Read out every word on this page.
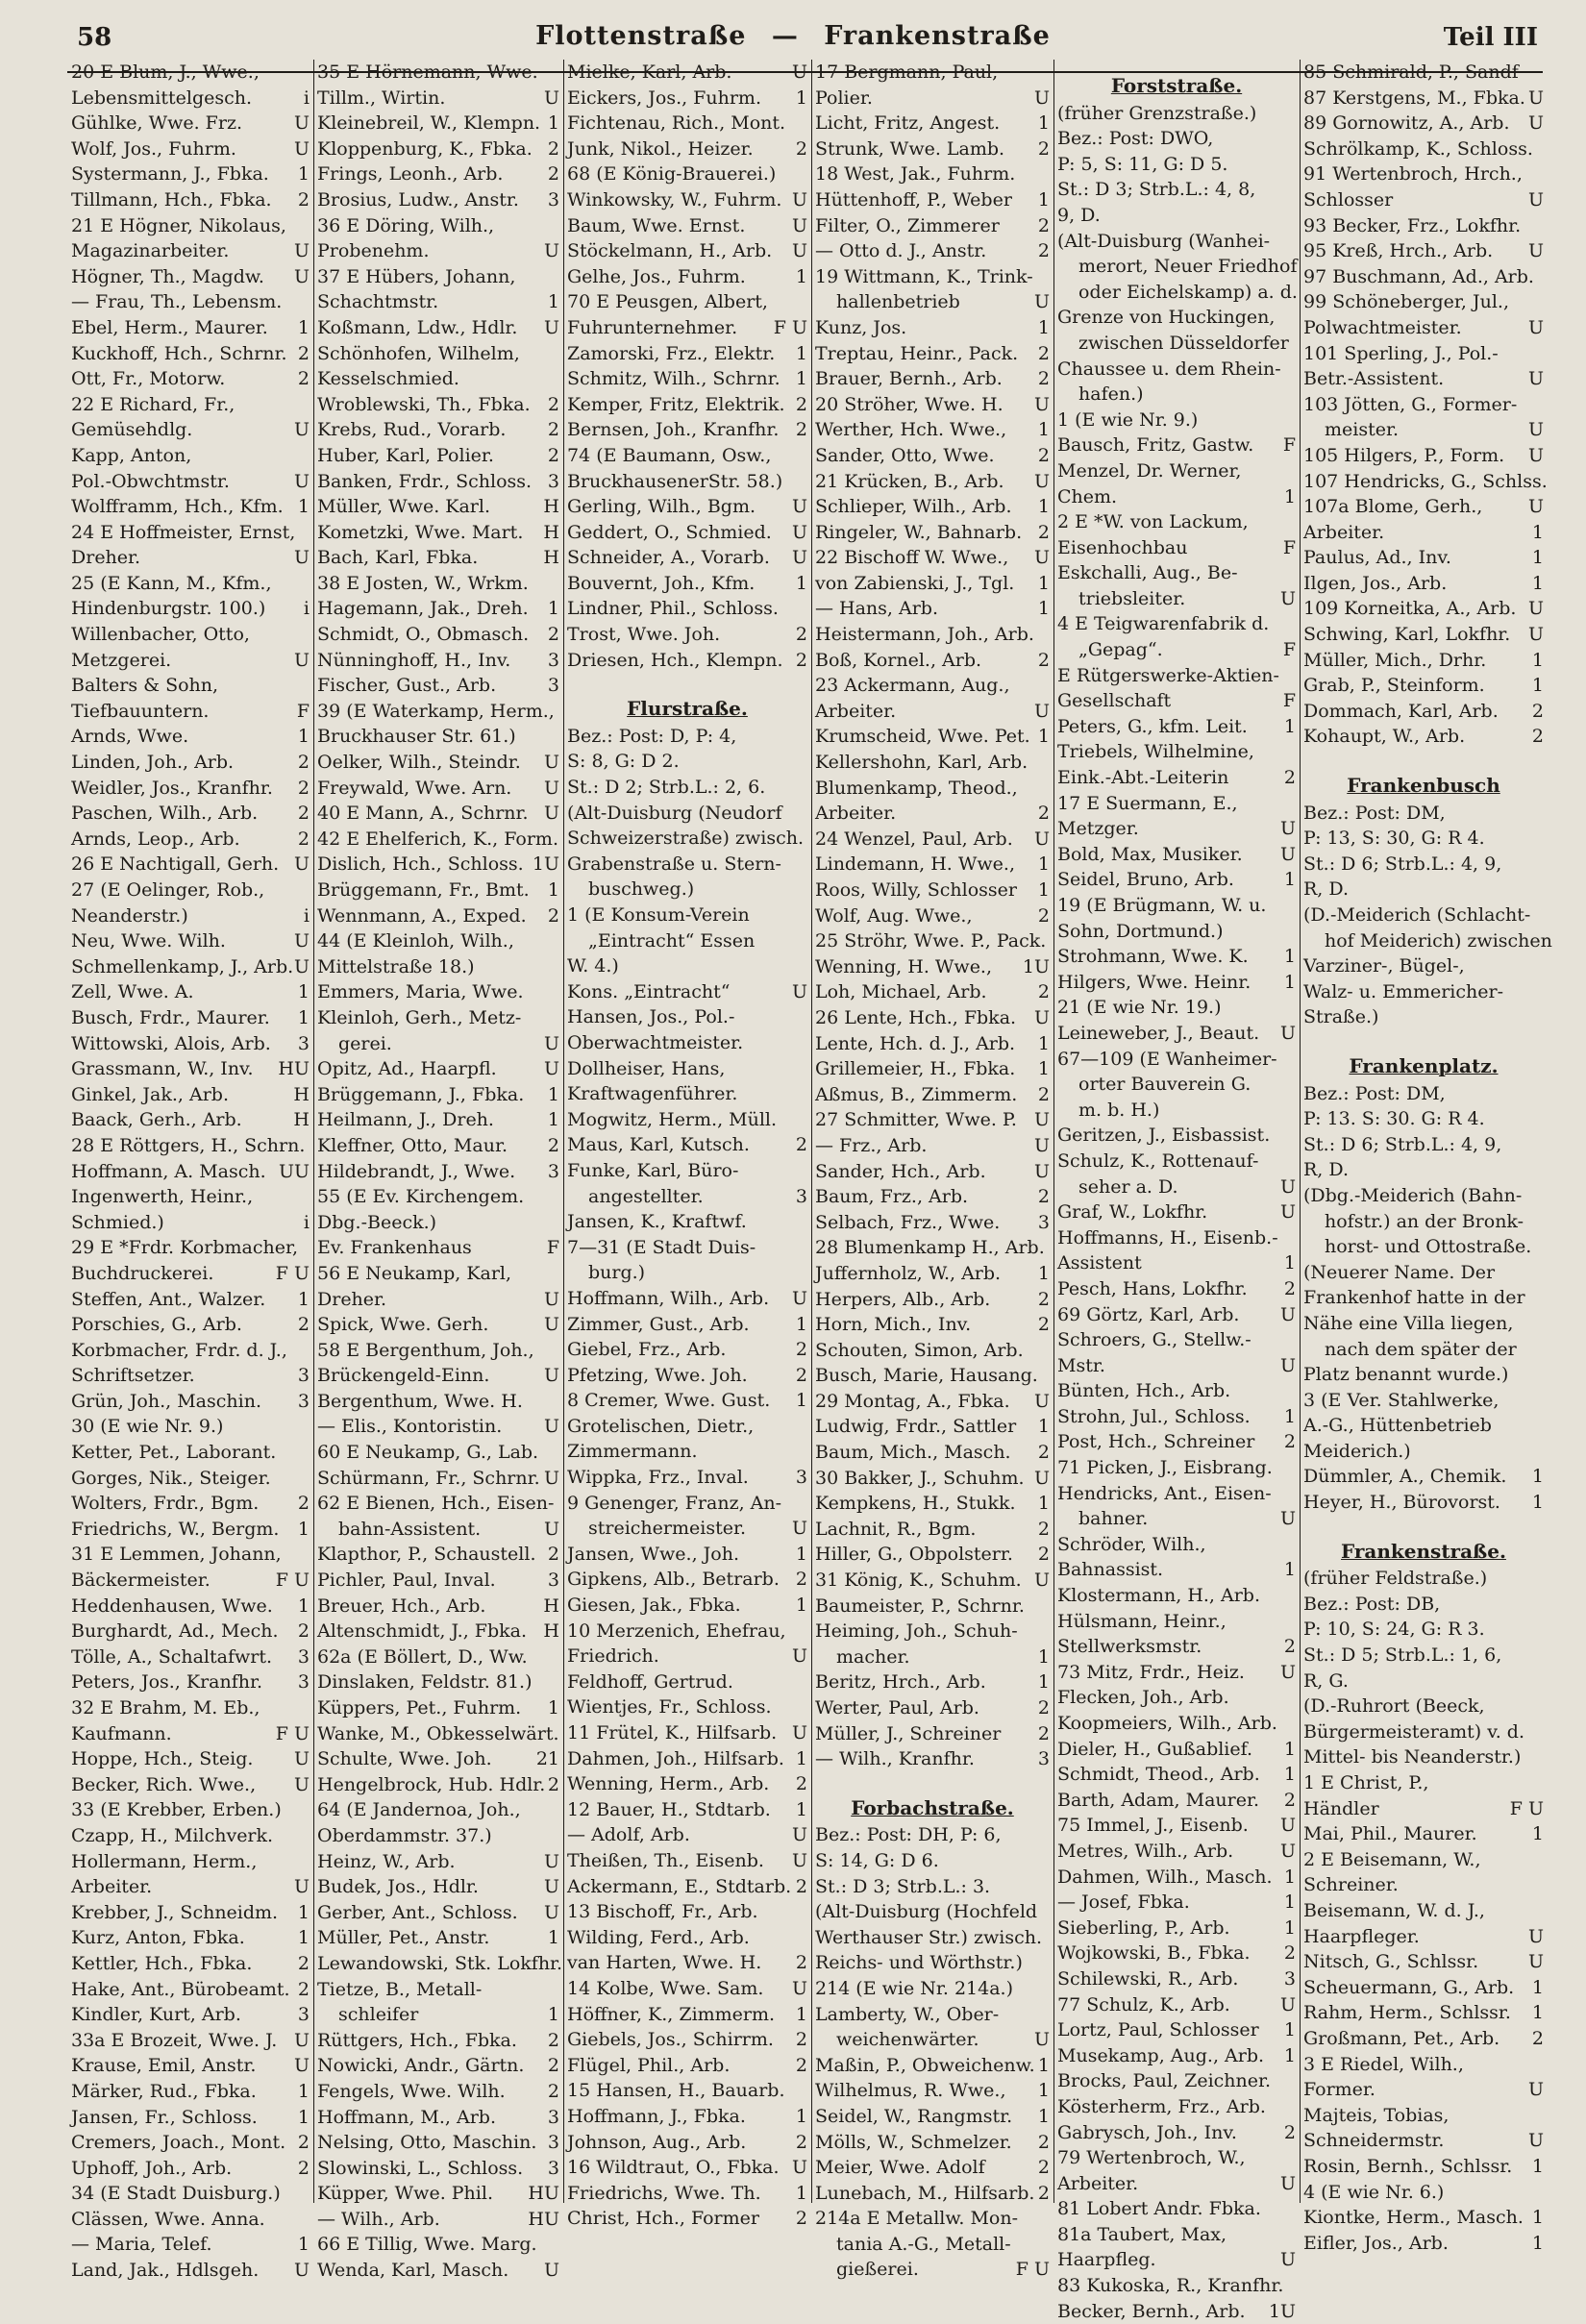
58	Flottenstraße — Frankenstraße	Teil III
20 E Blum, J., Wwe.,
Lebensmittelgesch.	i
Gühlke, Wwe. Frz.	U
Wolf, Jos., Fuhrm.	U
Systermann, J., Fbka. 1
Tillmann, Hch., Fbka. 2
21 E Högner, Nikolaus,
Magazinarbeiter.	U
Högner, Th., Magdw. U
— Frau, Th., Lebensm.
Ebel, Herm., Maurer. 1
Kuckhoff, Hch., Schrnr. 2
Ott, Fr., Motorw.	2
22 E Richard, Fr.,
Gemüsehdlg.	U
Kapp, Anton,
Pol.-Obwchtmstr.	U
Wolfframm, Hch., Kfm. 1
24 E Hoffmeister, Ernst,
Dreher.	U
25 (E Kann, M., Kfm.,
Hindenburgstr. 100.) i
Willenbacher, Otto,
Metzgerei.	U
Balters & Sohn,
Tiefbauuntern.	F
Arnds, Wwe.	1
Linden, Joh., Arb.	2
Weidler, Jos., Kranfhr. 2
Paschen, Wilh., Arb. 2
Arnds, Leop., Arb.	2
26 E Nachtigall, Gerh. U
27 (E Oelinger, Rob.,
Neanderstr.)	i
Neu, Wwe. Wilh.	U
Schmellenkamp, J., Arb. U
Zell, Wwe. A.	1
Busch, Frdr., Maurer. 1
Wittowski, Alois, Arb. 3
Grassmann, W., Inv. HU
Ginkel, Jak., Arb.	H
Baack, Gerh., Arb.	H
28 E Röttgers, H., Schrn.
U
Hoffmann, A. Masch. U
Ingenwerth, Heinr.,
Schmied.)	i
29 E *Frdr. Korbmacher,
Buchdruckerei.	F U
Steffen, Ant., Walzer. 1
Porschies, G., Arb.	2
Korbmacher, Frdr. d. J.,
Schriftsetzer.	3
Grün, Joh., Maschin. 3
30 (E wie Nr. 9.)
Ketter, Pet., Laborant.
Gorges, Nik., Steiger.
Wolters, Frdr., Bgm. 2
Friedrichs, W., Bergm. 1
31 E Lemmen, Johann,
Bäckermeister.	F U
Heddenhausen, Wwe. 1
Burghardt, Ad., Mech. 2
Tölle, A., Schaltafwrt. 3
Peters, Jos., Kranfhr. 3
32 E Brahm, M. Eb.,
Kaufmann.	F U
Hoppe, Hch., Steig. U
Becker, Rich. Wwe., U
33 (E Krebber, Erben.)
Czapp, H., Milchverk.
Hollermann, Herm.,
Arbeiter.	U
Krebber, J., Schneidm. 1
Kurz, Anton, Fbka.	1
Kettler, Hch., Fbka.	2
Hake, Ant., Bürobeamt. 2
Kindler, Kurt, Arb.	3
33a E Brozeit, Wwe. J. U
Krause, Emil, Anstr. U
Märker, Rud., Fbka. 1
Jansen, Fr., Schloss. 1
Cremers, Joach., Mont. 2
Uphoff, Joh., Arb.	2
34 (E Stadt Duisburg.)
Clässen, Wwe. Anna.
— Maria, Telef.	1
Land, Jak., Hdlsgeh. U
35 E Hörnemann, Wwe.
Tillm., Wirtin.	U
Kleinebreil, W., Klempn. 1
Kloppenburg, K., Fbka. 2
Frings, Leonh., Arb. 2
Brosius, Ludw., Anstr. 3
36 E Döring, Wilh.,
Probenehm.	U
37 E Hübers, Johann,
Schachtmstr.	1
Koßmann, Ldw., Hdlr. U
Schönhofen, Wilhelm,
Kesselschmied.
Wroblewski, Th., Fbka. 2
Krebs, Rud., Vorarb. 2
Huber, Karl, Polier.	2
Banken, Frdr., Schloss. 3
Müller, Wwe. Karl.	H
Kometzki, Wwe. Mart. H
Bach, Karl, Fbka.	H
38 E Josten, W., Wrkm.
Hagemann, Jak., Dreh. 1
Schmidt, O., Obmasch. 2
Nünninghoff, H., Inv. 3
Fischer, Gust., Arb.	3
39 (E Waterkamp, Herm.,
Bruckhauser Str. 61.)
Oelker, Wilh., Steindr. U
Freywald, Wwe. Arn. U
40 E Mann, A., Schrnr. U
42 E Ehelferich, K., Form.
U
Dislich, Hch., Schloss. 1
Brüggemann, Fr., Bmt. 1
Wennmann, A., Exped. 2
44 (E Kleinloh, Wilh.,
Mittelstraße 18.)
Emmers, Maria, Wwe.
Kleinloh, Gerh., Metz-
gerei.	U
Opitz, Ad., Haarpfl.	U
Brüggemann, J., Fbka. 1
Heilmann, J., Dreh.	1
Kleffner, Otto, Maur. 2
Hildebrandt, J., Wwe. 3
55 (E Ev. Kirchengem.
Dbg.-Beeck.)
Ev. Frankenhaus	F
56 E Neukamp, Karl,
Dreher.	U
Spick, Wwe. Gerh.	U
58 E Bergenthum, Joh.,
Brückengeld-Einn.	U
Bergenthum, Wwe. H.
— Elis., Kontoristin. U
60 E Neukamp, G., Lab.
Schürmann, Fr., Schrnr. U
62 E Bienen, Hch., Eisen-
bahn-Assistent.	U
Klapthor, P., Schaustell. 2
Pichler, Paul, Inval.	3
Breuer, Hch., Arb.	H
Altenschmidt, J., Fbka. H
62a (E Böllert, D., Ww.
Dinslaken, Feldstr. 81.)
Küppers, Pet., Fuhrm. 1
Wanke, M., Obkesselwärt.
1
Schulte, Wwe. Joh. 2
Hengelbrock, Hub. Hdlr. 2
64 (E Jandernoa, Joh.,
Oberdammstr. 37.)
Heinz, W., Arb.	U
Budek, Jos., Hdlr.	U
Gerber, Ant., Schloss. U
Müller, Pet., Anstr.	1
Lewandowski, Stk. Lokfhr.
Tietze, B., Metall-
schleifer	1
Rüttgers, Hch., Fbka. 2
Nowicki, Andr., Gärtn. 2
Fengels, Wwe. Wilh. 2
Hoffmann, M., Arb.	3
Nelsing, Otto, Maschin. 3
Slowinski, L., Schloss. 3
Küpper, Wwe. Phil. HU
— Wilh., Arb.	HU
66 E Tillig, Wwe. Marg.
Wenda, Karl, Masch. U
Mielke, Karl, Arb.	U
Eickers, Jos., Fuhrm. 1
Fichtenau, Rich., Mont.
Junk, Nikol., Heizer. 2
68 (E König-Brauerei.)
Winkowsky, W., Fuhrm. U
Baum, Wwe. Ernst.	U
Stöckelmann, H., Arb. U
Gelhe, Jos., Fuhrm.	1
70 E Peusgen, Albert,
Fuhrunternehmer. F U
Zamorski, Frz., Elektr. 1
Schmitz, Wilh., Schrnr. 1
Kemper, Fritz, Elektrik. 2
Bernsen, Joh., Kranfhr. 2
74 (E Baumann, Osw.,
BruckhausenerStr. 58.)
Gerling, Wilh., Bgm. U
Geddert, O., Schmied. U
Schneider, A., Vorarb. U
Bouvernt, Joh., Kfm. 1
Lindner, Phil., Schloss.
Trost, Wwe. Joh.	2
Driesen, Hch., Klempn. 2
Flurstraße.
Bez.: Post: D, P: 4,
S: 8, G: D 2.
St.: D 2; Strb.L.: 2, 6.
(Alt-Duisburg (Neudorf
Schweizerstraße) zwisch.
Grabenstraße u. Stern-
buschweg.)
1 (E Konsum-Verein
„Eintracht“ Essen
W. 4.)
Kons. „Eintracht“	U
Hansen, Jos., Pol.-
Oberwachtmeister.
Dollheiser, Hans,
Kraftwagenführer.
Mogwitz, Herm., Müll.
Maus, Karl, Kutsch.	2
Funke, Karl, Büro-
angestellter.	3
Jansen, K., Kraftwf.
7—31 (E Stadt Duis-
burg.)
Hoffmann, Wilh., Arb. U
Zimmer, Gust., Arb.	1
Giebel, Frz., Arb.	2
Pfetzing, Wwe. Joh.	2
8 Cremer, Wwe. Gust. 1
Grotelischen, Dietr.,
Zimmermann.
Wippka, Frz., Inval.	3
9 Genenger, Franz, An-
streichermeister.	U
Jansen, Wwe., Joh.	1
Gipkens, Alb., Betrarb. 2
Giesen, Jak., Fbka.	1
10 Merzenich, Ehefrau,
Friedrich.	U
Feldhoff, Gertrud.
Wientjes, Fr., Schloss.
11 Frütel, K., Hilfsarb. U
Dahmen, Joh., Hilfsarb. 1
Wenning, Herm., Arb. 2
12 Bauer, H., Stdtarb. 1
— Adolf, Arb.	U
Theißen, Th., Eisenb. U
Ackermann, E., Stdtarb. 2
13 Bischoff, Fr., Arb.
Wilding, Ferd., Arb.
van Harten, Wwe. H. 2
14 Kolbe, Wwe. Sam. U
Höffner, K., Zimmerm. 1
Giebels, Jos., Schirrm. 2
Flügel, Phil., Arb.	2
15 Hansen, H., Bauarb.
Hoffmann, J., Fbka.	1
Johnson, Aug., Arb.	2
16 Wildtraut, O., Fbka. U
Friedrichs, Wwe. Th. 1
Christ, Hch., Former 2
17 Bergmann, Paul,
Polier.	U
Licht, Fritz, Angest. 1
Strunk, Wwe. Lamb. 2
18 West, Jak., Fuhrm.
Hüttenhoff, P., Weber 1
Filter, O., Zimmerer 2
— Otto d. J., Anstr.	2
19 Wittmann, K., Trink-
hallenbetrieb	U
Kunz, Jos.	1
Treptau, Heinr., Pack. 2
Brauer, Bernh., Arb. 2
20 Ströher, Wwe. H. U
Werther, Hch. Wwe., 1
Sander, Otto, Wwe. 2
21 Krücken, B., Arb. U
Schlieper, Wilh., Arb. 1
Ringeler, W., Bahnarb. 2
22 Bischoff W. Wwe., U
von Zabienski, J., Tgl. 1
— Hans, Arb.	1
Heistermann, Joh., Arb.
Boß, Kornel., Arb.	2
23 Ackermann, Aug.,
Arbeiter.	U
Krumscheid, Wwe. Pet. 1
Kellershohn, Karl, Arb.
Blumenkamp, Theod.,
Arbeiter.	2
24 Wenzel, Paul, Arb. U
Lindemann, H. Wwe., 1
Roos, Willy, Schlosser 1
Wolf, Aug. Wwe.,	2
25 Ströhr, Wwe. P., Pack.
U
Wenning, H. Wwe., 1
Loh, Michael, Arb.	2
26 Lente, Hch., Fbka. U
Lente, Hch. d. J., Arb. 1
Grillemeier, H., Fbka. 1
Aßmus, B., Zimmerm. 2
27 Schmitter, Wwe. P. U
— Frz., Arb.	U
Sander, Hch., Arb.	U
Baum, Frz., Arb.	2
Selbach, Frz., Wwe. 3
28 Blumenkamp H., Arb.
Juffernholz, W., Arb. 1
Herpers, Alb., Arb.	2
Horn, Mich., Inv.	2
Schouten, Simon, Arb.
Busch, Marie, Hausang.
29 Montag, A., Fbka. U
Ludwig, Frdr., Sattler 1
Baum, Mich., Masch. 2
30 Bakker, J., Schuhm. U
Kempkens, H., Stukk. 1
Lachnit, R., Bgm.	2
Hiller, G., Obpolsterr. 2
31 König, K., Schuhm. U
Baumeister, P., Schrnr.
Heiming, Joh., Schuh-
macher.	1
Beritz, Hrch., Arb.	1
Werter, Paul, Arb.	2
Müller, J., Schreiner 2
— Wilh., Kranfhr.	3
Forbachstraße.
Bez.: Post: DH, P: 6,
S: 14, G: D 6.
St.: D 3; Strb.L.: 3.
(Alt-Duisburg (Hochfeld
Werthauser Str.) zwisch.
Reichs- und Wörthstr.)
214 (E wie Nr. 214a.)
Lamberty, W., Ober-
weichenwärter.	U
Maßin, P., Obweichenw. 1
Wilhelmus, R. Wwe., 1
Seidel, W., Rangmstr. 1
Mölls, W., Schmelzer. 2
Meier, Wwe. Adolf	2
Lunebach, M., Hilfsarb. 2
214a E Metallw. Mon-
tania A.-G., Metall-
gießerei.	F U
Forststraße.
(früher Grenzstraße.)
Bez.: Post: DWO,
P: 5, S: 11, G: D 5.
St.: D 3; Strb.L.: 4, 8,
9, D.
(Alt-Duisburg (Wanhei-
merort, Neuer Friedhof
oder Eichelskamp) a. d.
Grenze von Huckingen,
zwischen Düsseldorfer
Chaussee u. dem Rhein-
hafen.)
1 (E wie Nr. 9.)
Bausch, Fritz, Gastw. F
Menzel, Dr. Werner,
Chem.	1
2 E *W. von Lackum,
Eisenhochbau	F
Eskchalli, Aug., Be-
triebsleiter.	U
4 E Teigwarenfabrik d.
„Gepag“.	F
E Rütgerswerke-Aktien-
Gesellschaft	F
Peters, G., kfm. Leit. 1
Triebels, Wilhelmine,
Eink.-Abt.-Leiterin	2
17 E Suermann, E.,
Metzger.	U
Bold, Max, Musiker. U
Seidel, Bruno, Arb.	1
19 (E Brügmann, W. u.
Sohn, Dortmund.)
Strohmann, Wwe. K. 1
Hilgers, Wwe. Heinr. 1
21 (E wie Nr. 19.)
Leineweber, J., Beaut. U
67—109 (E Wanheimer-
orter Bauverein G.
m. b. H.)
Geritzen, J., Eisbassist.
Schulz, K., Rottenauf-
seher a. D.	U
Graf, W., Lokfhr.	U
Hoffmanns, H., Eisenb.-
Assistent	1
Pesch, Hans, Lokfhr. 2
69 Görtz, Karl, Arb. U
Schroers, G., Stellw.-
Mstr.	U
Bünten, Hch., Arb.
Strohn, Jul., Schloss. 1
Post, Hch., Schreiner 2
71 Picken, J., Eisbrang.
Hendricks, Ant., Eisen-
bahner.	U
Schröder, Wilh.,
Bahnassist.	1
Klostermann, H., Arb.
Hülsmann, Heinr.,
Stellwerksmstr.	2
73 Mitz, Frdr., Heiz. U
Flecken, Joh., Arb.
Koopmeiers, Wilh., Arb.
Dieler, H., Gußablief. 1
Schmidt, Theod., Arb. 1
Barth, Adam, Maurer. 2
75 Immel, J., Eisenb. U
Metres, Wilh., Arb.	U
Dahmen, Wilh., Masch. 1
— Josef, Fbka.	1
Sieberling, P., Arb.	1
Wojkowski, B., Fbka. 2
Schilewski, R., Arb.	3
77 Schulz, K., Arb.	U
Lortz, Paul, Schlosser 1
Musekamp, Aug., Arb. 1
Brocks, Paul, Zeichner.
Kösterherm, Frz., Arb.
Gabrysch, Joh., Inv.	2
79 Wertenbroch, W.,
Arbeiter.	U
81 Lobert Andr. Fbka.
81a Taubert, Max,
Haarpfleg.	U
83 Kukoska, R., Kranfhr.
U
Becker, Bernh., Arb. 1
85 Schmirald, P., Sandf
87 Kerstgens, M., Fbka. U
89 Gornowitz, A., Arb. U
Schrölkamp, K., Schloss.
91 Wertenbroch, Hrch.,
Schlosser	U
93 Becker, Frz., Lokfhr.
95 Kreß, Hrch., Arb. U
97 Buschmann, Ad., Arb.
99 Schöneberger, Jul.,
Polwachtmeister.	U
101 Sperling, J., Pol.-
Betr.-Assistent.	U
103 Jötten, G., Former-
meister.	U
105 Hilgers, P., Form. U
107 Hendricks, G., Schlss.
U
107a Blome, Gerh.,
Arbeiter.	1
Paulus, Ad., Inv.	1
Ilgen, Jos., Arb.	1
109 Korneitka, A., Arb. U
Schwing, Karl, Lokfhr. U
Müller, Mich., Drhr.	1
Grab, P., Steinform.	1
Dommach, Karl, Arb. 2
Kohaupt, W., Arb.	2
Frankenbusch
Bez.: Post: DM,
P: 13, S: 30, G: R 4.
St.: D 6; Strb.L.: 4, 9,
R, D.
(D.-Meiderich (Schlacht-
hof Meiderich) zwischen
Varziner-, Bügel-,
Walz- u. Emmericher-
Straße.)
Frankenplatz.
Bez.: Post: DM,
P: 13. S: 30. G: R 4.
St.: D 6; Strb.L.: 4, 9,
R, D.
(Dbg.-Meiderich (Bahn-
hofstr.) an der Bronk-
horst- und Ottostraße.
(Neuerer Name. Der
Frankenhof hatte in der
Nähe eine Villa liegen,
nach dem später der
Platz benannt wurde.)
3 (E Ver. Stahlwerke,
A.-G., Hüttenbetrieb
Meiderich.)
Dümmler, A., Chemik. 1
Heyer, H., Bürovorst. 1
Frankenstraße.
(früher Feldstraße.)
Bez.: Post: DB,
P: 10, S: 24, G: R 3.
St.: D 5; Strb.L.: 1, 6,
R, G.
(D.-Ruhrort (Beeck,
Bürgermeisteramt) v. d.
Mittel- bis Neanderstr.)
1 E Christ, P.,
Händler	F U
Mai, Phil., Maurer.	1
2 E Beisemann, W.,
Schreiner.
Beisemann, W. d. J.,
Haarpfleger.	U
Nitsch, G., Schlssr.	U
Scheuermann, G., Arb. 1
Rahm, Herm., Schlssr. 1
Großmann, Pet., Arb. 2
3 E Riedel, Wilh.,
Former.	U
Majteis, Tobias,
Schneidermstr.	U
Rosin, Bernh., Schlssr. 1
4 (E wie Nr. 6.)
Kiontke, Herm., Masch. 1
Eifler, Jos., Arb.	1
